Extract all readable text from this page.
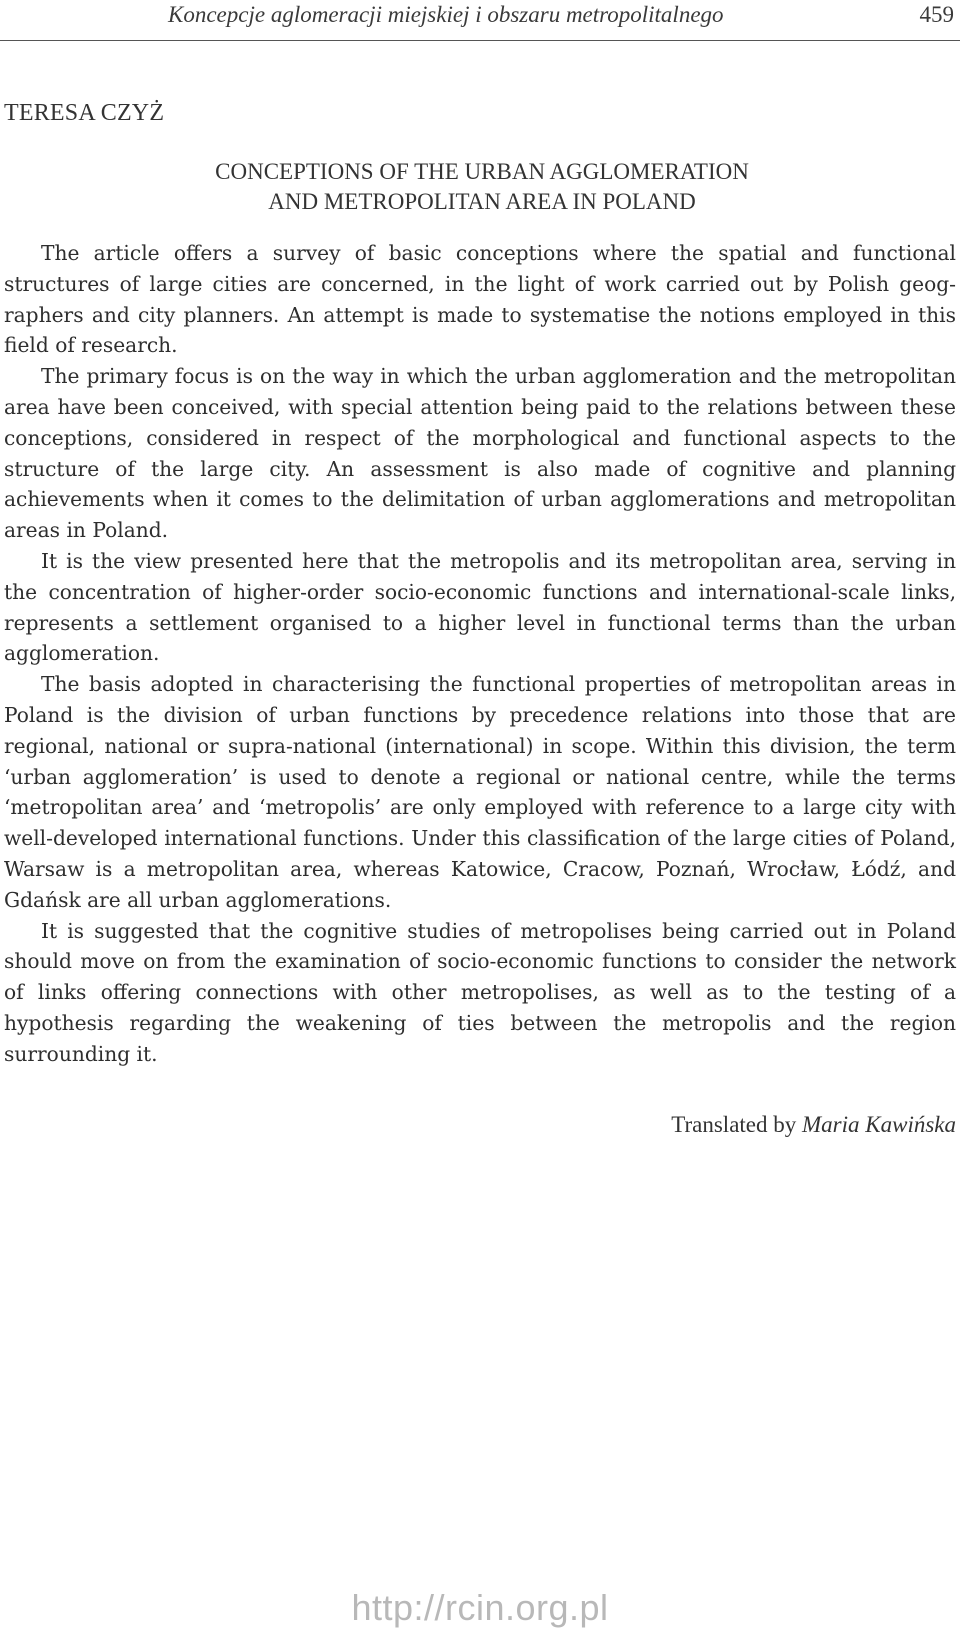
Koncepcje aglomeracji miejskiej i obszaru metropolitalnego	459
TERESA CZYŻ
CONCEPTIONS OF THE URBAN AGGLOMERATION
AND METROPOLITAN AREA IN POLAND

The article offers a survey of basic conceptions where the spatial and functional structures of large cities are concerned, in the light of work carried out by Polish geographers and city planners. An attempt is made to systematise the notions employed in this field of research.

The primary focus is on the way in which the urban agglomeration and the metropolitan area have been conceived, with special attention being paid to the relations between these conceptions, considered in respect of the morphological and functional aspects to the structure of the large city. An assessment is also made of cognitive and planning achievements when it comes to the delimitation of urban agglomerations and metropolitan areas in Poland.

It is the view presented here that the metropolis and its metropolitan area, serving in the concentration of higher-order socio-economic functions and international-scale links, represents a settlement organised to a higher level in functional terms than the urban agglomeration.

The basis adopted in characterising the functional properties of metropolitan areas in Poland is the division of urban functions by precedence relations into those that are regional, national or supra-national (international) in scope. Within this division, the term ‘urban agglomeration’ is used to denote a regional or national centre, while the terms ‘metropolitan area’ and ‘metropolis’ are only employed with reference to a large city with well-developed international functions. Under this classification of the large cities of Poland, Warsaw is a metropolitan area, whereas Katowice, Cracow, Poznań, Wrocław, Łódź, and Gdańsk are all urban agglomerations.

It is suggested that the cognitive studies of metropolises being carried out in Poland should move on from the examination of socio-economic functions to consider the network of links offering connections with other metropolises, as well as to the testing of a hypothesis regarding the weakening of ties between the metropolis and the region surrounding it.

Translated by Maria Kawińska
http://rcin.org.pl
